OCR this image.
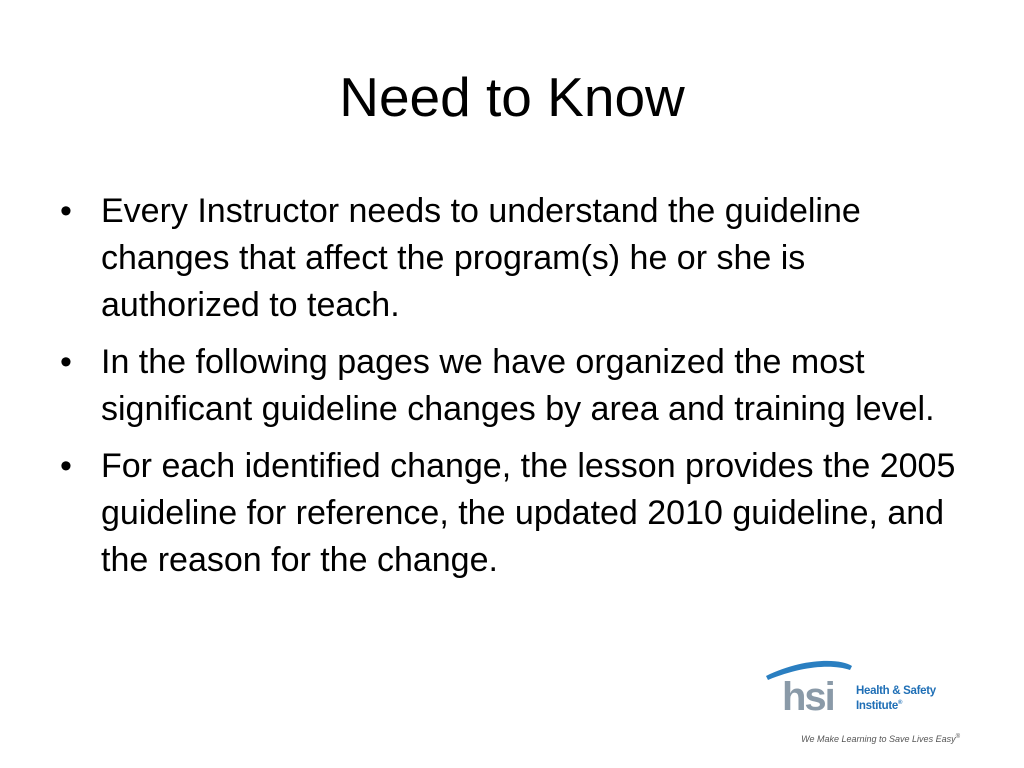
Need to Know
• Every Instructor needs to understand the guideline changes that affect the program(s) he or she is authorized to teach.
• In the following pages we have organized the most significant guideline changes by area and training level.
• For each identified change, the lesson provides the 2005 guideline for reference, the updated 2010 guideline, and the reason for the change.
hsi Health & Safety
Institute®
We Make Learning to Save Lives Easy®
